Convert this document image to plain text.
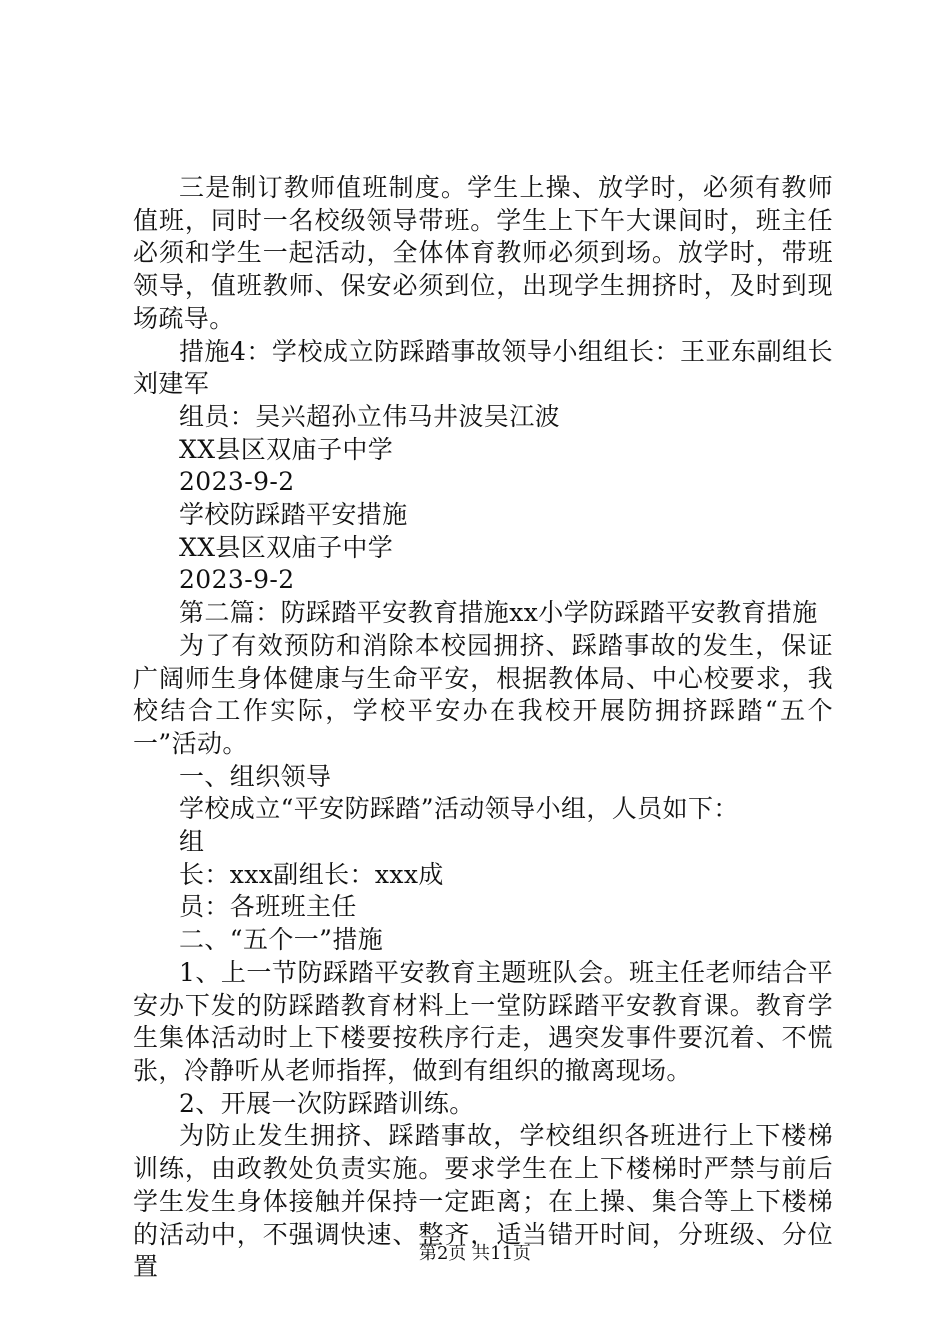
三是制订教师值班制度。学生上操、放学时，必须有教师值班，同时一名校级领导带班。学生上下午大课间时，班主任必须和学生一起活动，全体体育教师必须到场。放学时，带班领导，值班教师、保安必须到位，出现学生拥挤时，及时到现场疏导。

措施4：学校成立防踩踏事故领导小组组长：王亚东副组长刘建军

组员：吴兴超孙立伟马井波吴江波

XX县区双庙子中学

2023-9-2

学校防踩踏平安措施

XX县区双庙子中学

2023-9-2

第二篇：防踩踏平安教育措施xx小学防踩踏平安教育措施

为了有效预防和消除本校园拥挤、踩踏事故的发生，保证广阔师生身体健康与生命平安，根据教体局、中心校要求，我校结合工作实际，学校平安办在我校开展防拥挤踩踏“五个一”活动。

一、组织领导

学校成立“平安防踩踏”活动领导小组，人员如下：

组

长：xxx副组长：xxx成

员：各班班主任

二、“五个一”措施

1、上一节防踩踏平安教育主题班队会。班主任老师结合平安办下发的防踩踏教育材料上一堂防踩踏平安教育课。教育学生集体活动时上下楼要按秩序行走，遇突发事件要沉着、不慌张，冷静听从老师指挥，做到有组织的撤离现场。

2、开展一次防踩踏训练。

为防止发生拥挤、踩踏事故，学校组织各班进行上下楼梯训练，由政教处负责实施。要求学生在上下楼梯时严禁与前后学生发生身体接触并保持一定距离；在上操、集合等上下楼梯的活动中，不强调快速、整齐，适当错开时间，分班级、分位置	第2页 共11页
